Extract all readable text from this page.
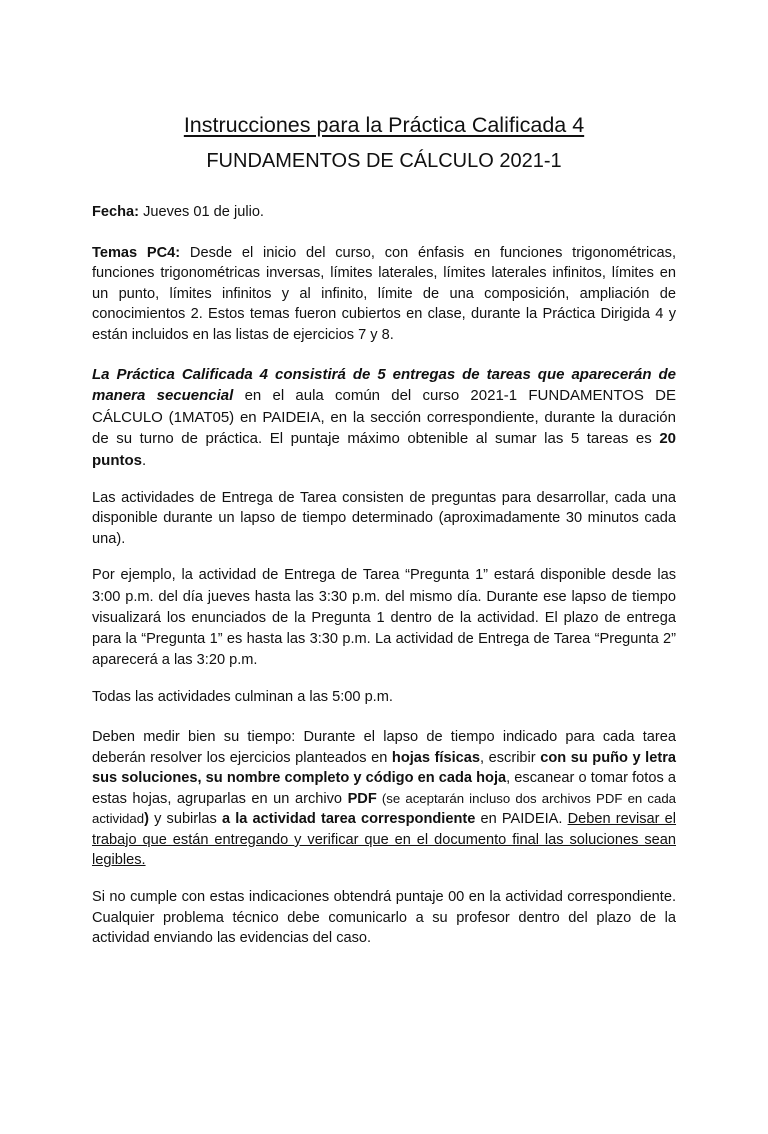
Instrucciones para la Práctica Calificada 4
FUNDAMENTOS DE CÁLCULO 2021-1

Fecha: Jueves 01 de julio.

Temas PC4: Desde el inicio del curso, con énfasis en funciones trigonométricas, funciones trigonométricas inversas, límites laterales, límites laterales infinitos, límites en un punto, límites infinitos y al infinito, límite de una composición, ampliación de conocimientos 2. Estos temas fueron cubiertos en clase, durante la Práctica Dirigida 4 y están incluidos en las listas de ejercicios 7 y 8.

La Práctica Calificada 4 consistirá de 5 entregas de tareas que aparecerán de manera secuencial en el aula común del curso 2021-1 FUNDAMENTOS DE CÁLCULO (1MAT05) en PAIDEIA, en la sección correspondiente, durante la duración de su turno de práctica. El puntaje máximo obtenible al sumar las 5 tareas es 20 puntos.

Las actividades de Entrega de Tarea consisten de preguntas para desarrollar, cada una disponible durante un lapso de tiempo determinado (aproximadamente 30 minutos cada una).

Por ejemplo, la actividad de Entrega de Tarea “Pregunta 1” estará disponible desde las 3:00 p.m. del día jueves hasta las 3:30 p.m. del mismo día. Durante ese lapso de tiempo visualizará los enunciados de la Pregunta 1 dentro de la actividad. El plazo de entrega para la “Pregunta 1” es hasta las 3:30 p.m. La actividad de Entrega de Tarea “Pregunta 2” aparecerá a las 3:20 p.m.

Todas las actividades culminan a las 5:00 p.m.

Deben medir bien su tiempo: Durante el lapso de tiempo indicado para cada tarea deberán resolver los ejercicios planteados en hojas físicas, escribir con su puño y letra sus soluciones, su nombre completo y código en cada hoja, escanear o tomar fotos a estas hojas, agruparlas en un archivo PDF (se aceptarán incluso dos archivos PDF en cada actividad) y subirlas a la actividad tarea correspondiente en PAIDEIA. Deben revisar el trabajo que están entregando y verificar que en el documento final las soluciones sean legibles.

Si no cumple con estas indicaciones obtendrá puntaje 00 en la actividad correspondiente. Cualquier problema técnico debe comunicarlo a su profesor dentro del plazo de la actividad enviando las evidencias del caso.
